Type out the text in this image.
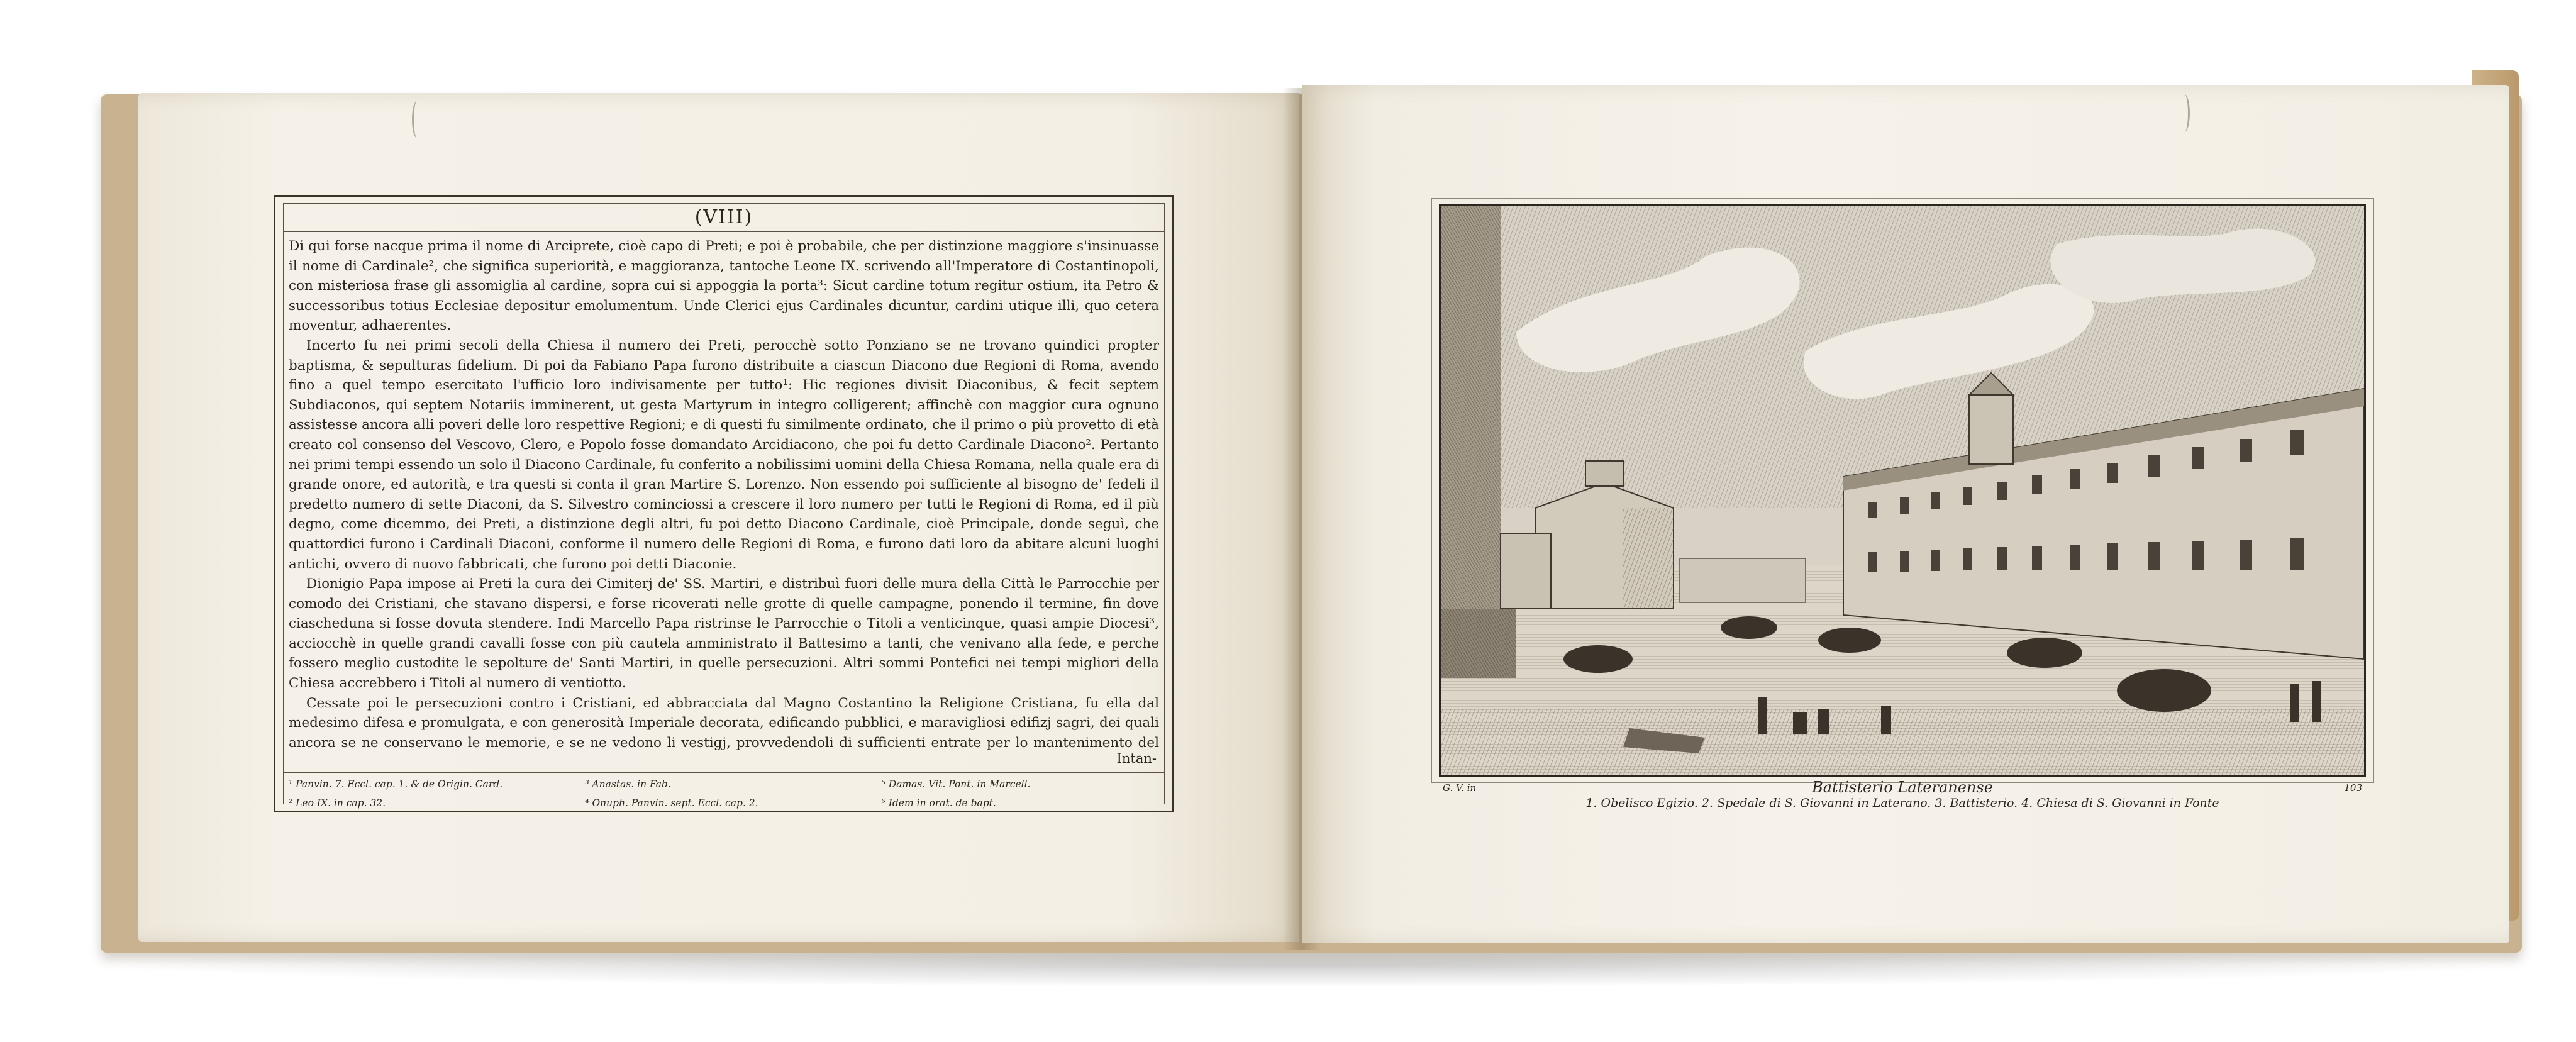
(VIII)

Di qui forse nacque prima il nome di Arciprete, cioè capo di Preti; e poi è probabile, che per distinzione maggiore s'insinuasse il nome di Cardinale², che significa superiorità, e maggioranza, tantoche Leone IX. scrivendo all'Imperatore di Costantinopoli, con misteriosa frase gli assomiglia al cardine, sopra cui si appoggia la porta³: Sicut cardine totum regitur ostium, ita Petro & successoribus totius Ecclesiae depositur emolumentum. Unde Clerici ejus Cardinales dicuntur, cardini utique illi, quo cetera moventur, adhaerentes.

Incerto fu nei primi secoli della Chiesa il numero dei Preti, perocchè sotto Ponziano se ne trovano quindici propter baptisma, & sepulturas fidelium. Di poi da Fabiano Papa furono distribuite a ciascun Diacono due Regioni di Roma, avendo fino a quel tempo esercitato l'ufficio loro indivisamente per tutto¹: Hic regiones divisit Diaconibus, & fecit septem Subdiaconos, qui septem Notariis imminerent, ut gesta Martyrum in integro colligerent; affinchè con maggior cura ognuno assistesse ancora alli poveri delle loro respettive Regioni; e di questi fu similmente ordinato, che il primo o più provetto di età creato col consenso del Vescovo, Clero, e Popolo fosse domandato Arcidiacono, che poi fu detto Cardinale Diacono². Pertanto nei primi tempi essendo un solo il Diacono Cardinale, fu conferito a nobilissimi uomini della Chiesa Romana, nella quale era di grande onore, ed autorità, e tra questi si conta il gran Martire S. Lorenzo. Non essendo poi sufficiente al bisogno de' fedeli il predetto numero di sette Diaconi, da S. Silvestro cominciossi a crescere il loro numero per tutti le Regioni di Roma, ed il più degno, come dicemmo, dei Preti, a distinzione degli altri, fu poi detto Diacono Cardinale, cioè Principale, donde seguì, che quattordici furono i Cardinali Diaconi, conforme il numero delle Regioni di Roma, e furono dati loro da abitare alcuni luoghi antichi, ovvero di nuovo fabbricati, che furono poi detti Diaconie.

Dionigio Papa impose ai Preti la cura dei Cimiterj de' SS. Martiri, e distribuì fuori delle mura della Città le Parrocchie per comodo dei Cristiani, che stavano dispersi, e forse ricoverati nelle grotte di quelle campagne, ponendo il termine, fin dove ciascheduna si fosse dovuta stendere. Indi Marcello Papa ristrinse le Parrocchie o Titoli a venticinque, quasi ampie Diocesi³, acciocchè in quelle grandi cavalli fosse con più cautela amministrato il Battesimo a tanti, che venivano alla fede, e perche fossero meglio custodite le sepolture de' Santi Martiri, in quelle persecuzioni. Altri sommi Pontefici nei tempi migliori della Chiesa accrebbero i Titoli al numero di ventiotto.

Cessate poi le persecuzioni contro i Cristiani, ed abbracciata dal Magno Costantino la Religione Cristiana, fu ella dal medesimo difesa e promulgata, e con generosità Imperiale decorata, edificando pubblici, e maravigliosi edifizj sagri, dei quali ancora se ne conservano le memorie, e se ne vedono li vestigj, provvedendoli di sufficienti entrate per lo mantenimento del

Intan-
¹ Panvin. 7. Eccl. cap. 1. & de Origin. Card.	³ Anastas. in Fab.	⁵ Damas. Vit. Pont. in Marcell.
² Leo IX. in cap. 32.	⁴ Onuph. Panvin. sept. Eccl. cap. 2.	⁶ Idem in orat. de bapt.
G. V. in	Battisterio Lateranense	103
1. Obelisco Egizio. 2. Spedale di S. Giovanni in Laterano. 3. Battisterio. 4. Chiesa di S. Giovanni in Fonte
